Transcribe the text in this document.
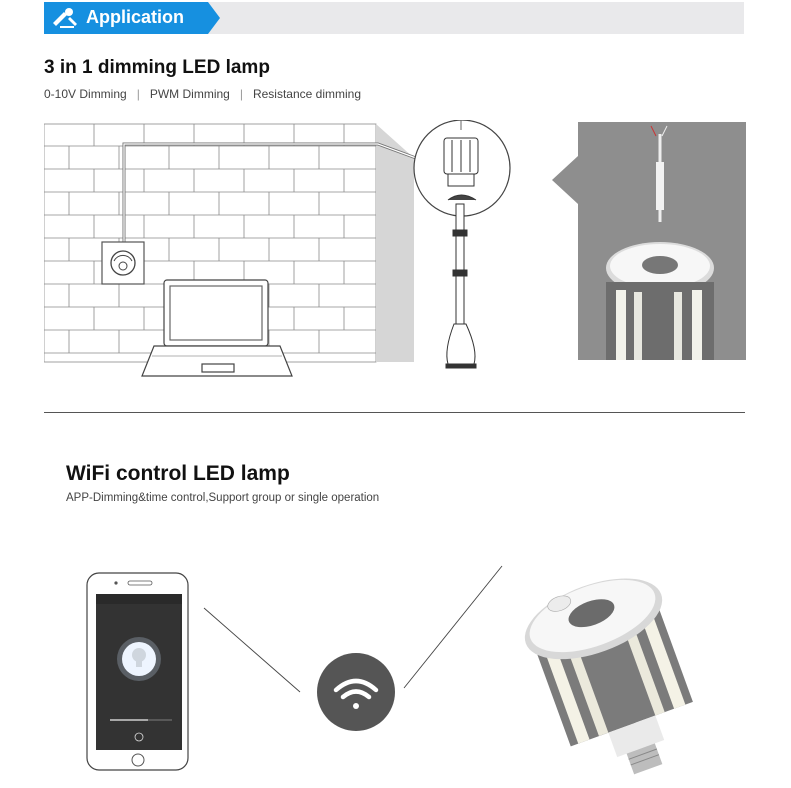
Application
3 in 1 dimming LED lamp
0-10V Dimming | PWM Dimming | Resistance dimming
WiFi control LED lamp
APP-Dimming&time control,Support group or single operation
